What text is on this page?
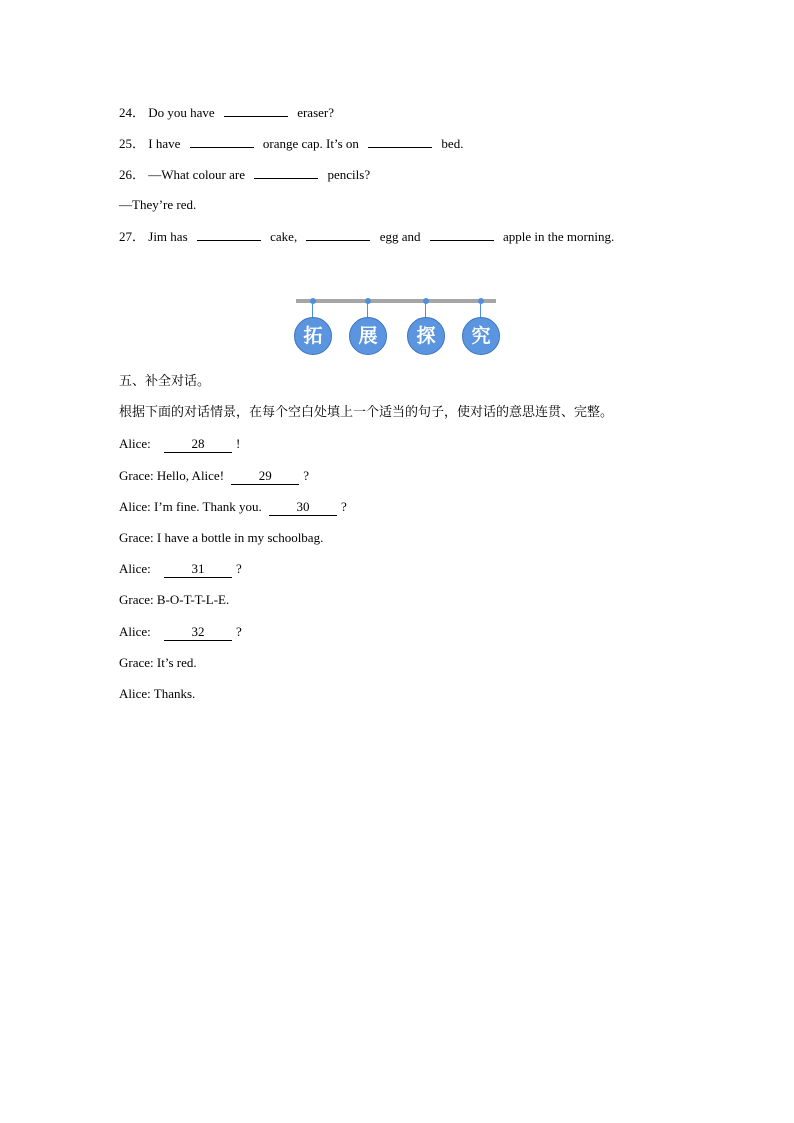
24． Do you have	eraser?
25． I have	orange cap. It’s on	bed.
26． —What colour are	pencils?
—They’re red.
27． Jim has	cake,	egg and	apple in the morning.
拓	展	探	究
五、补全对话。
根据下面的对话情景，在每个空白处填上一个适当的句子，使对话的意思连贯、完整。
Alice:	28 !
Grace: Hello, Alice!	29 ?
Alice: I’m fine. Thank you.	30 ?
Grace: I have a bottle in my schoolbag.
Alice:	31 ?
Grace: B-O-T-T-L-E.
Alice:	32 ?
Grace: It’s red.
Alice: Thanks.
